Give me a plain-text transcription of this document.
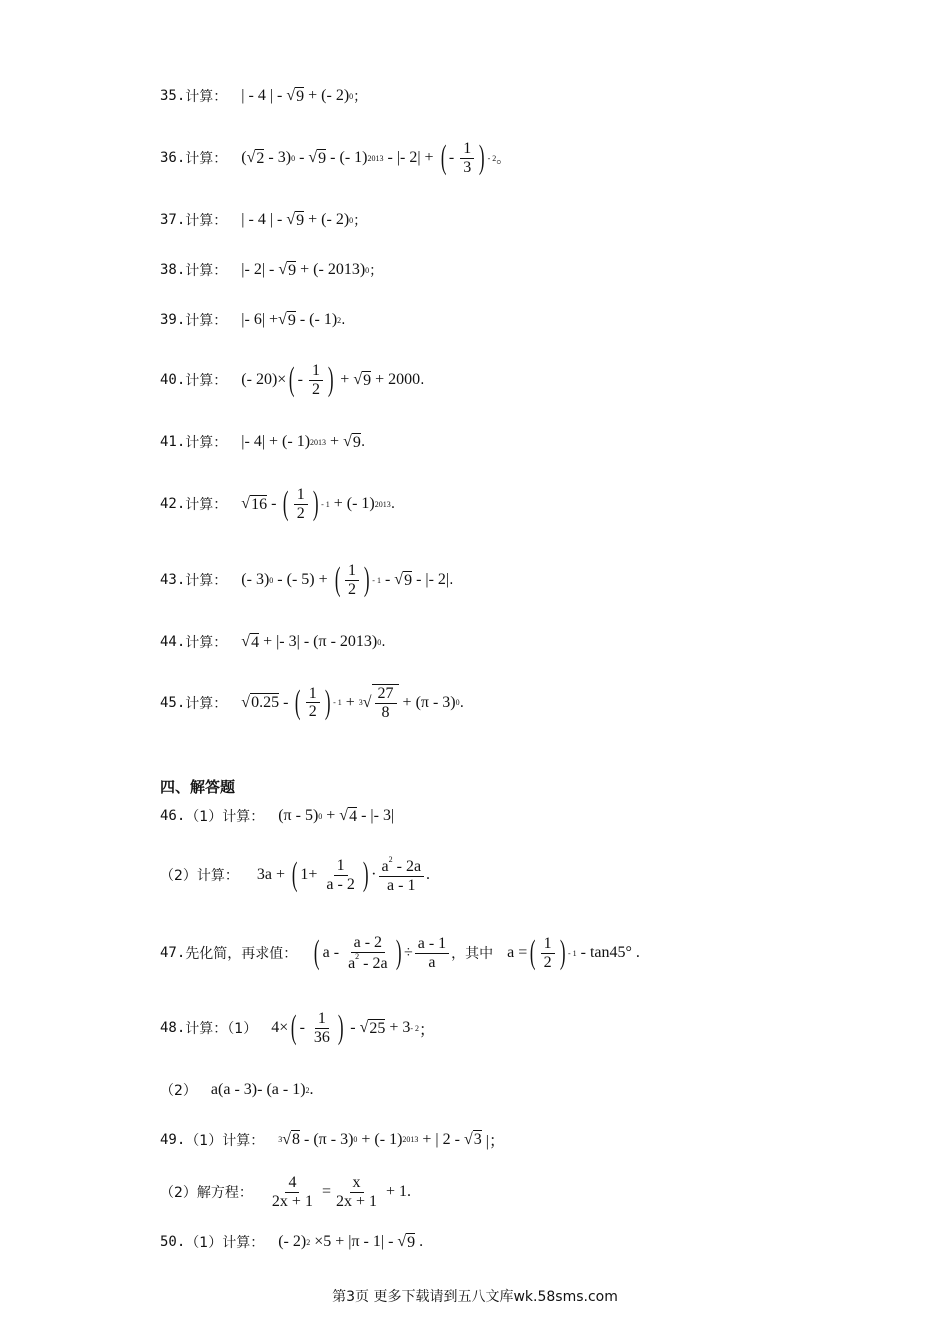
35. 计算： | - 4 | - √ 9 + (- 2) 0 ；
36. 计算： (√ 2 - 3) 0 - √ 9 - (- 1) 2013 - |- 2| + ( - $\frac{1}{3}$ ) - 2 。
37. 计算： | - 4 | - √ 9 + (- 2) 0 ；
38. 计算： |- 2| - √ 9 + (- 2013) 0 ；
39. 计算： |- 6| +√ 9 - (- 1) 2 .
40. 计算： (- 20)× ( - $\frac{1}{2}$ ) + √ 9 + 2000 .
41. 计算： |- 4| + (- 1) 2013 + √ 9 .
42. 计算： √ 16 - ( $\frac{1}{2}$ ) - 1 + (- 1) 2013 .
43. 计算： (- 3) 0 - (- 5) + ( $\frac{1}{2}$ ) - 1 - √ 9 - |- 2| .
44. 计算： √ 4 + |- 3| - (π - 2013) 0 .
45. 计算： √ 0.25 - ( $\frac{1}{2}$ ) - 1 + 3 √ $\frac{27}{8} + (\pi - 3)$ 0 .
四、解答题
46. （1）计算： (π - 5) 0 + √ 4 - |- 3|
（2）计算： 3a + ( $1+ \frac{1}{a - 2}$ ) · $\frac{a^2 - 2a}{a - 1}$ .
47. 先化简，再求值： ( a - $\frac{a - 2}{a^2 - 2a}$ ) ÷ $\frac{a - 1}{a}$ ，其中 a = ( $\frac{1}{2}$ ) - 1 - tan45° .
48. 计算：（1） 4× ( - $\frac{1}{36}$ ) - √ 25 + 3 - 2 ；
（2） a(a - 3)- (a - 1) 2 .
49. （1）计算： 3 √ 8 - (π - 3) 0 + (- 1) 2013 + | 2 - √ 3 |；
（2）解方程： $\frac{4}{2x + 1} = \frac{x}{2x + 1} + 1$.
50. （1）计算： (- 2) 2 ×5 + |π - 1| - √ 9 .
第3页 更多下载请到五八文库wk.58sms.com
